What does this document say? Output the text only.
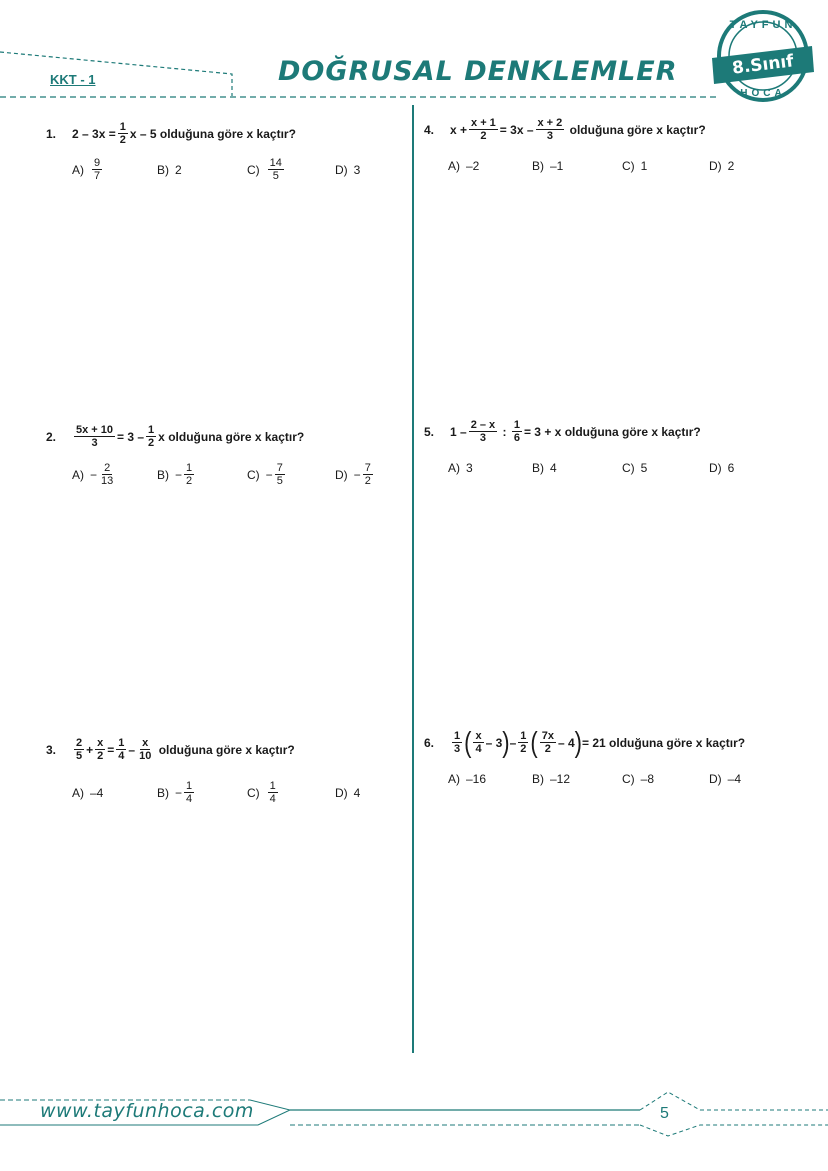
KKT - 1	DOĞRUSAL DENKLEMLER
TAYFUN
8.Sınıf
HOCA
1.	$2 - 3x = \frac{1}{2}$ x – 5
olduğuna göre x kaçtır?
$A) \frac{9}{7}$	B) 2	$C) \frac{14}{5}$	D) 3
2.	$\frac{5x + 10}{3} = 3 - \frac{1}{2}$ x
olduğuna göre x kaçtır?
$A) - \frac{2}{13}$	$B) - \frac{1}{2}$	$C) - \frac{7}{5}$	$D) - \frac{7}{2}$
3.	$\frac{2}{5} + \frac{x}{2} = \frac{1}{4} - \frac{x}{10}$
olduğuna göre x kaçtır?
A) –4	$B) - \frac{1}{4}$	$C) \frac{1}{4}$	D) 4
4.	$x + \frac{x + 1}{2} = 3x - \frac{x + 2}{3}$
olduğuna göre x kaçtır?
A) –2	B) –1	C) 1	D) 2
5.	$1 - \frac{2 - x}{3}$
:
$\frac{1}{6} = 3 + x$
olduğuna göre x kaçtır?
A) 3	B) 4	C) 5	D) 6
6.	$\frac{1}{3}$ ( $\frac{x}{4} - 3$ ) – $\frac{1}{2}$ ( $\frac{7x}{2} - 4$ ) = 21
olduğuna göre x kaçtır?
A) –16	B) –12	C) –8	D) –4
www.tayfunhoca.com	5
